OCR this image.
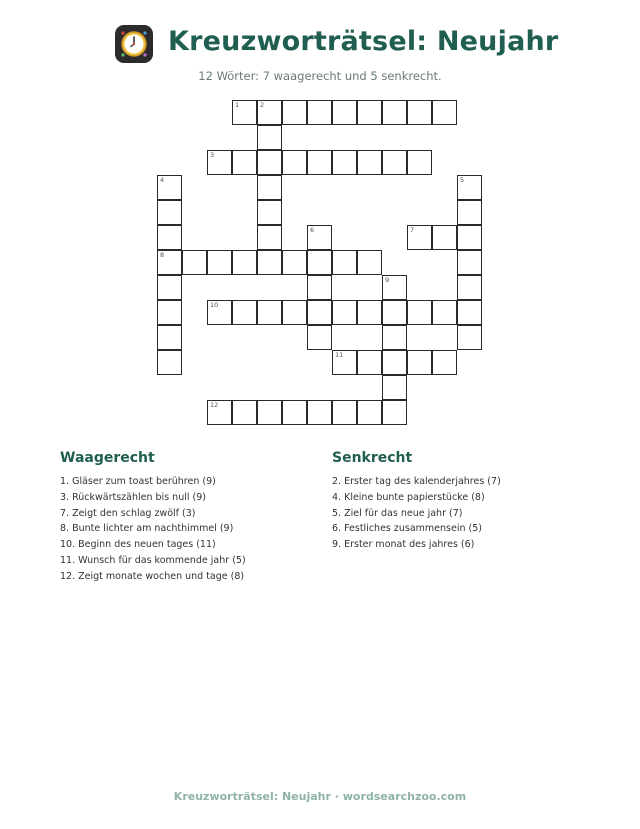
Kreuzworträtsel: Neujahr
12 Wörter: 7 waagerecht und 5 senkrecht.
1	2
3
7
8
10
11
12
4	5
6
9
Waagerecht
1. Gläser zum toast berühren (9)
3. Rückwärtszählen bis null (9)
7. Zeigt den schlag zwölf (3)
8. Bunte lichter am nachthimmel (9)
10. Beginn des neuen tages (11)
11. Wunsch für das kommende jahr (5)
12. Zeigt monate wochen und tage (8)
Senkrecht
2. Erster tag des kalenderjahres (7)
4. Kleine bunte papierstücke (8)
5. Ziel für das neue jahr (7)
6. Festliches zusammensein (5)
9. Erster monat des jahres (6)
Kreuzworträtsel: Neujahr · wordsearchzoo.com
